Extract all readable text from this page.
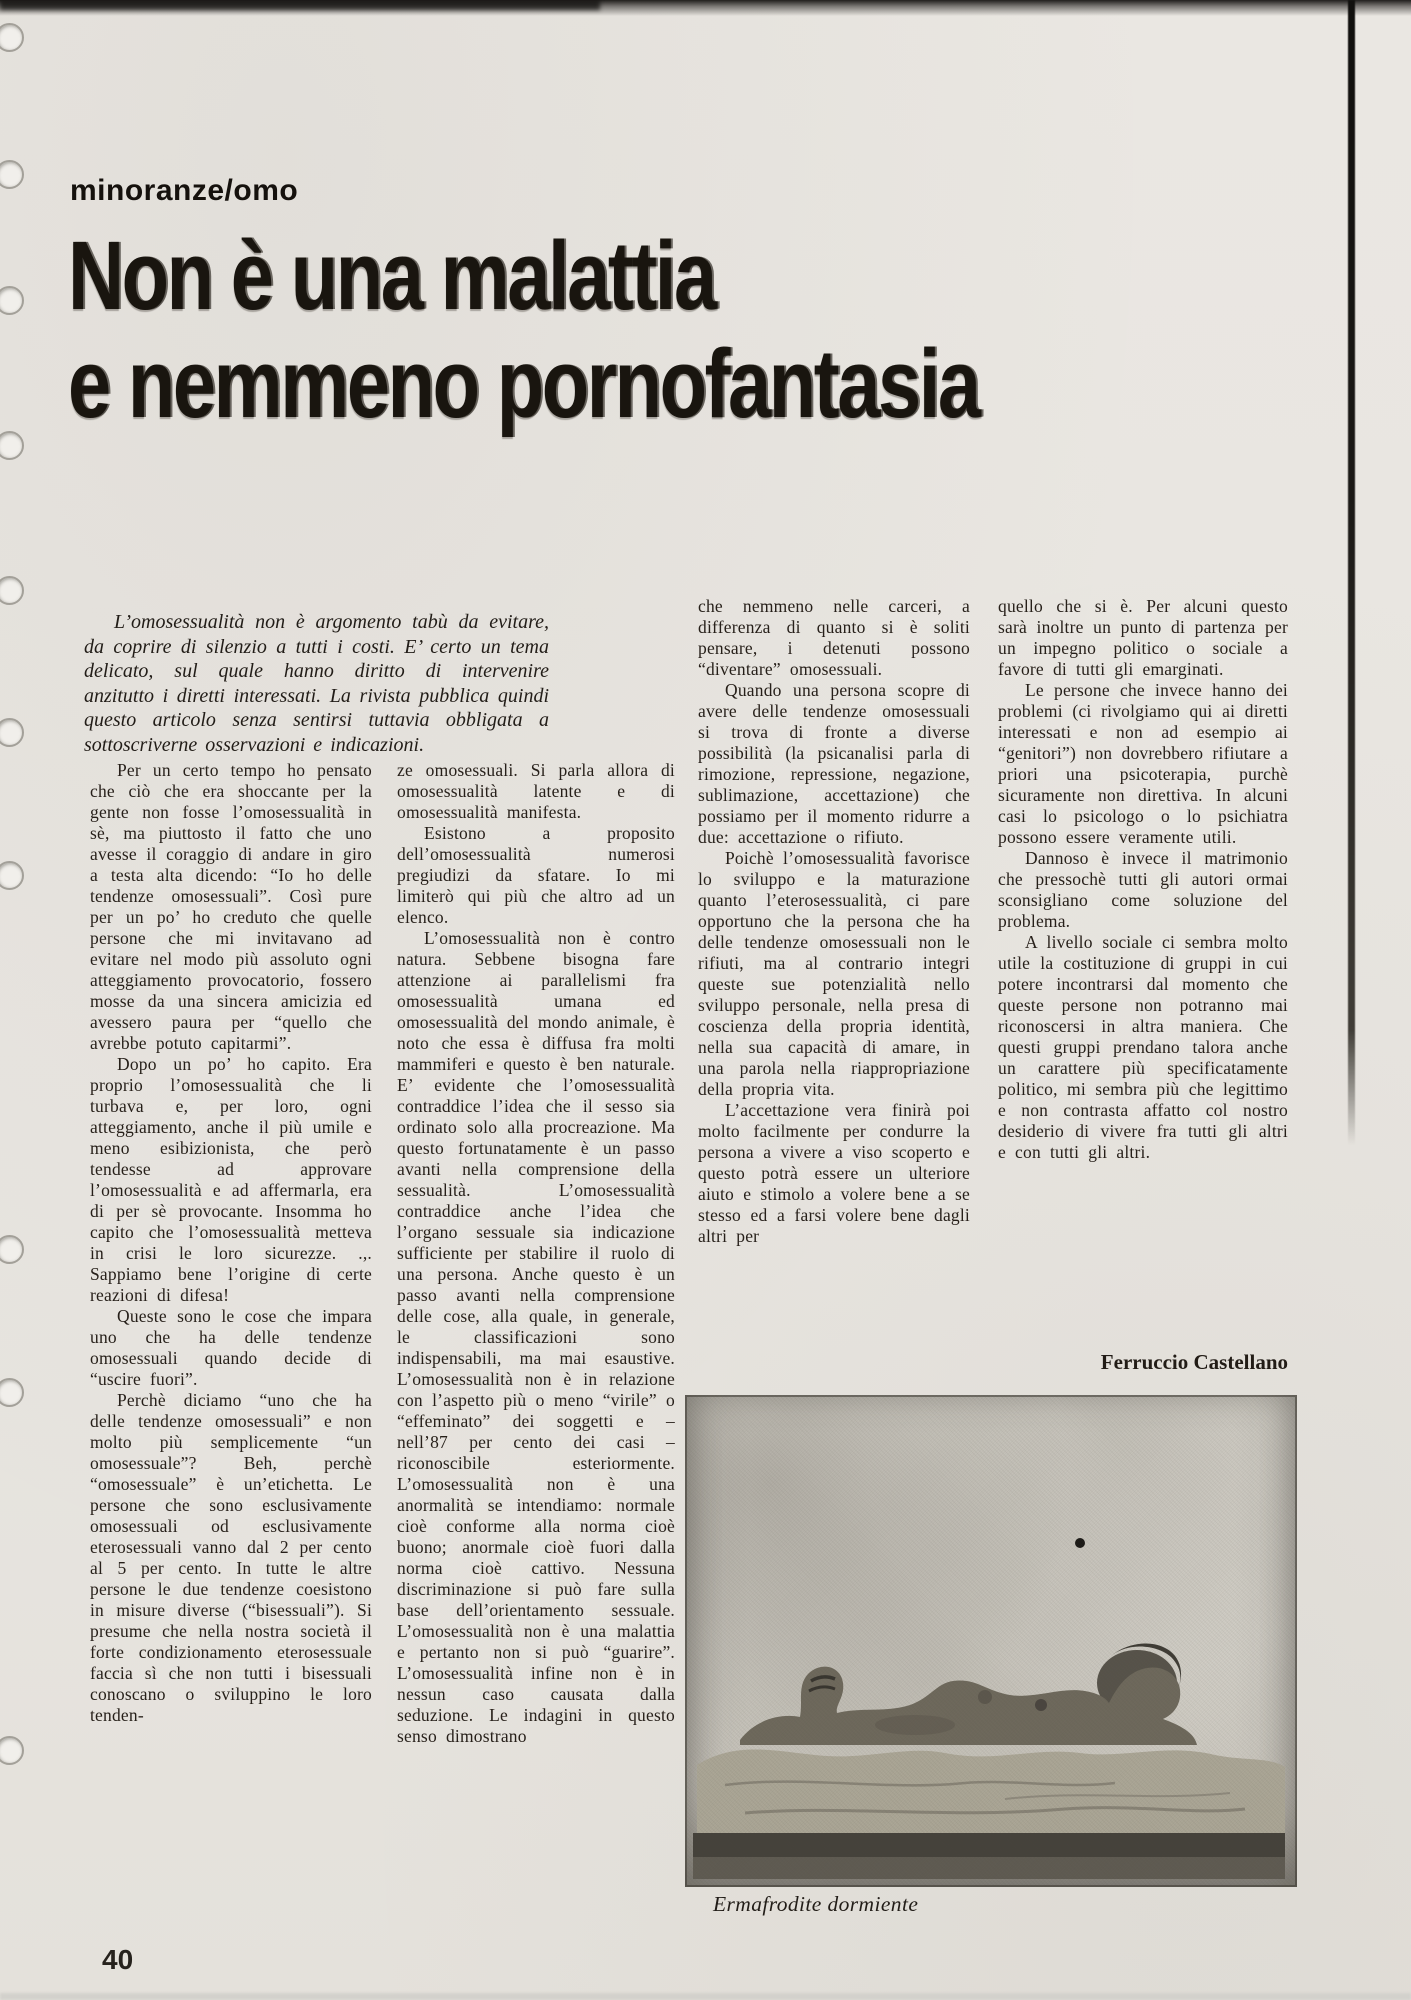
minoranze/omo
Non è una malattia
e nemmeno pornofantasia
L’omosessualità non è argomento tabù da evitare, da coprire di silenzio a tutti i costi. E’ certo un tema delicato, sul quale hanno diritto di intervenire anzitutto i diretti interessati. La rivista pubblica quindi questo articolo senza sentirsi tuttavia obbligata a sottoscriverne osservazioni e indicazioni.

Per un certo tempo ho pensato che ciò che era shoccante per la gente non fosse l’omosessualità in sè, ma piuttosto il fatto che uno avesse il coraggio di andare in giro a testa alta dicendo: “Io ho delle tendenze omosessuali”. Così pure per un po’ ho creduto che quelle persone che mi invitavano ad evitare nel modo più assoluto ogni atteggiamento provocatorio, fossero mosse da una sincera amicizia ed avessero paura per “quello che avrebbe potuto capitarmi”.

Dopo un po’ ho capito. Era proprio l’omosessualità che li turbava e, per loro, ogni atteggiamento, anche il più umile e meno esibizionista, che però tendesse ad approvare l’omosessualità e ad affermarla, era di per sè provocante. Insomma ho capito che l’omosessualità metteva in crisi le loro sicurezze. .,. Sappiamo bene l’origine di certe reazioni di difesa!

Queste sono le cose che impara uno che ha delle tendenze omosessuali quando decide di “uscire fuori”.

Perchè diciamo “uno che ha delle tendenze omosessuali” e non molto più semplicemente “un omosessuale”? Beh, perchè “omosessuale” è un’etichetta. Le persone che sono esclusivamente omosessuali od esclusivamente eterosessuali vanno dal 2 per cento al 5 per cento. In tutte le altre persone le due tendenze coesistono in misure diverse (“bisessuali”). Si presume che nella nostra società il forte condizionamento eterosessuale faccia sì che non tutti i bisessuali conoscano o sviluppino le loro tenden-

ze omosessuali. Si parla allora di omosessualità latente e di omosessualità manifesta.

Esistono a proposito dell’omosessualità numerosi pregiudizi da sfatare. Io mi limiterò qui più che altro ad un elenco.

L’omosessualità non è contro natura. Sebbene bisogna fare attenzione ai parallelismi fra omosessualità umana ed omosessualità del mondo animale, è noto che essa è diffusa fra molti mammiferi e questo è ben naturale. E’ evidente che l’omosessualità contraddice l’idea che il sesso sia ordinato solo alla procreazione. Ma questo fortunatamente è un passo avanti nella comprensione della sessualità. L’omosessualità contraddice anche l’idea che l’organo sessuale sia indicazione sufficiente per stabilire il ruolo di una persona. Anche questo è un passo avanti nella comprensione delle cose, alla quale, in generale, le classificazioni sono indispensabili, ma mai esaustive. L’omosessualità non è in relazione con l’aspetto più o meno “virile” o “effeminato” dei soggetti e – nell’87 per cento dei casi – riconoscibile esteriormente. L’omosessualità non è una anormalità se intendiamo: normale cioè conforme alla norma cioè buono; anormale cioè fuori dalla norma cioè cattivo. Nessuna discriminazione si può fare sulla base dell’orientamento sessuale. L’omosessualità non è una malattia e pertanto non si può “guarire”. L’omosessualità infine non è in nessun caso causata dalla seduzione. Le indagini in questo senso dimostrano

che nemmeno nelle carceri, a differenza di quanto si è soliti pensare, i detenuti possono “diventare” omosessuali.

Quando una persona scopre di avere delle tendenze omosessuali si trova di fronte a diverse possibilità (la psicanalisi parla di rimozione, repressione, negazione, sublimazione, accettazione) che possiamo per il momento ridurre a due: accettazione o rifiuto.

Poichè l’omosessualità favorisce lo sviluppo e la maturazione quanto l’eterosessualità, ci pare opportuno che la persona che ha delle tendenze omosessuali non le rifiuti, ma al contrario integri queste sue potenzialità nello sviluppo personale, nella presa di coscienza della propria identità, nella sua capacità di amare, in una parola nella riappropriazione della propria vita.

L’accettazione vera finirà poi molto facilmente per condurre la persona a vivere a viso scoperto e questo potrà essere un ulteriore aiuto e stimolo a volere bene a se stesso ed a farsi volere bene dagli altri per

quello che si è. Per alcuni questo sarà inoltre un punto di partenza per un impegno politico o sociale a favore di tutti gli emarginati.

Le persone che invece hanno dei problemi (ci rivolgiamo qui ai diretti interessati e non ad esempio ai “genitori”) non dovrebbero rifiutare a priori una psicoterapia, purchè sicuramente non direttiva. In alcuni casi lo psicologo o lo psichiatra possono essere veramente utili.

Dannoso è invece il matrimonio che pressochè tutti gli autori ormai sconsigliano come soluzione del problema.

A livello sociale ci sembra molto utile la costituzione di gruppi in cui potere incontrarsi dal momento che queste persone non potranno mai riconoscersi in altra maniera. Che questi gruppi prendano talora anche un carattere più specificatamente politico, mi sembra più che legittimo e non contrasta affatto col nostro desiderio di vivere fra tutti gli altri e con tutti gli altri.

Ferruccio Castellano
Ermafrodite dormiente
40
